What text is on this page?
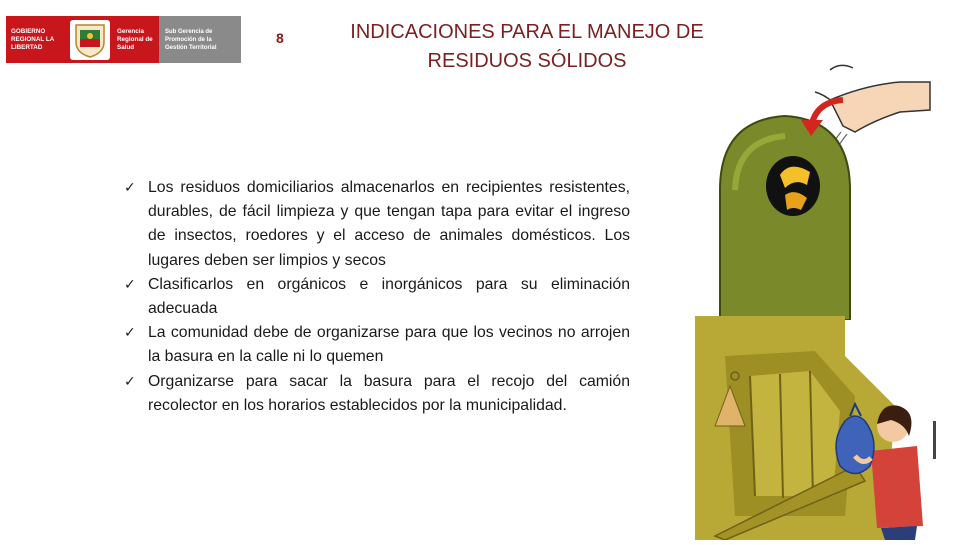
GOBIERNO
REGIONAL LA
LIBERTAD
Gerencia
Regional de
Salud
Sub Gerencia de
Promoción de la
Gestión Territorial
8	INDICACIONES PARA EL MANEJO DE RESIDUOS SÓLIDOS
✓ Los residuos domiciliarios almacenarlos en recipientes resistentes, durables, de fácil limpieza y que tengan tapa para evitar el ingreso de insectos, roedores y el acceso de animales domésticos. Los lugares deben ser limpios y secos
✓ Clasificarlos en orgánicos e inorgánicos para su eliminación adecuada
✓ La comunidad debe de organizarse para que los vecinos no arrojen la basura en la calle ni lo quemen
✓ Organizarse para sacar la basura para el recojo del camión recolector en los horarios establecidos por la municipalidad.
